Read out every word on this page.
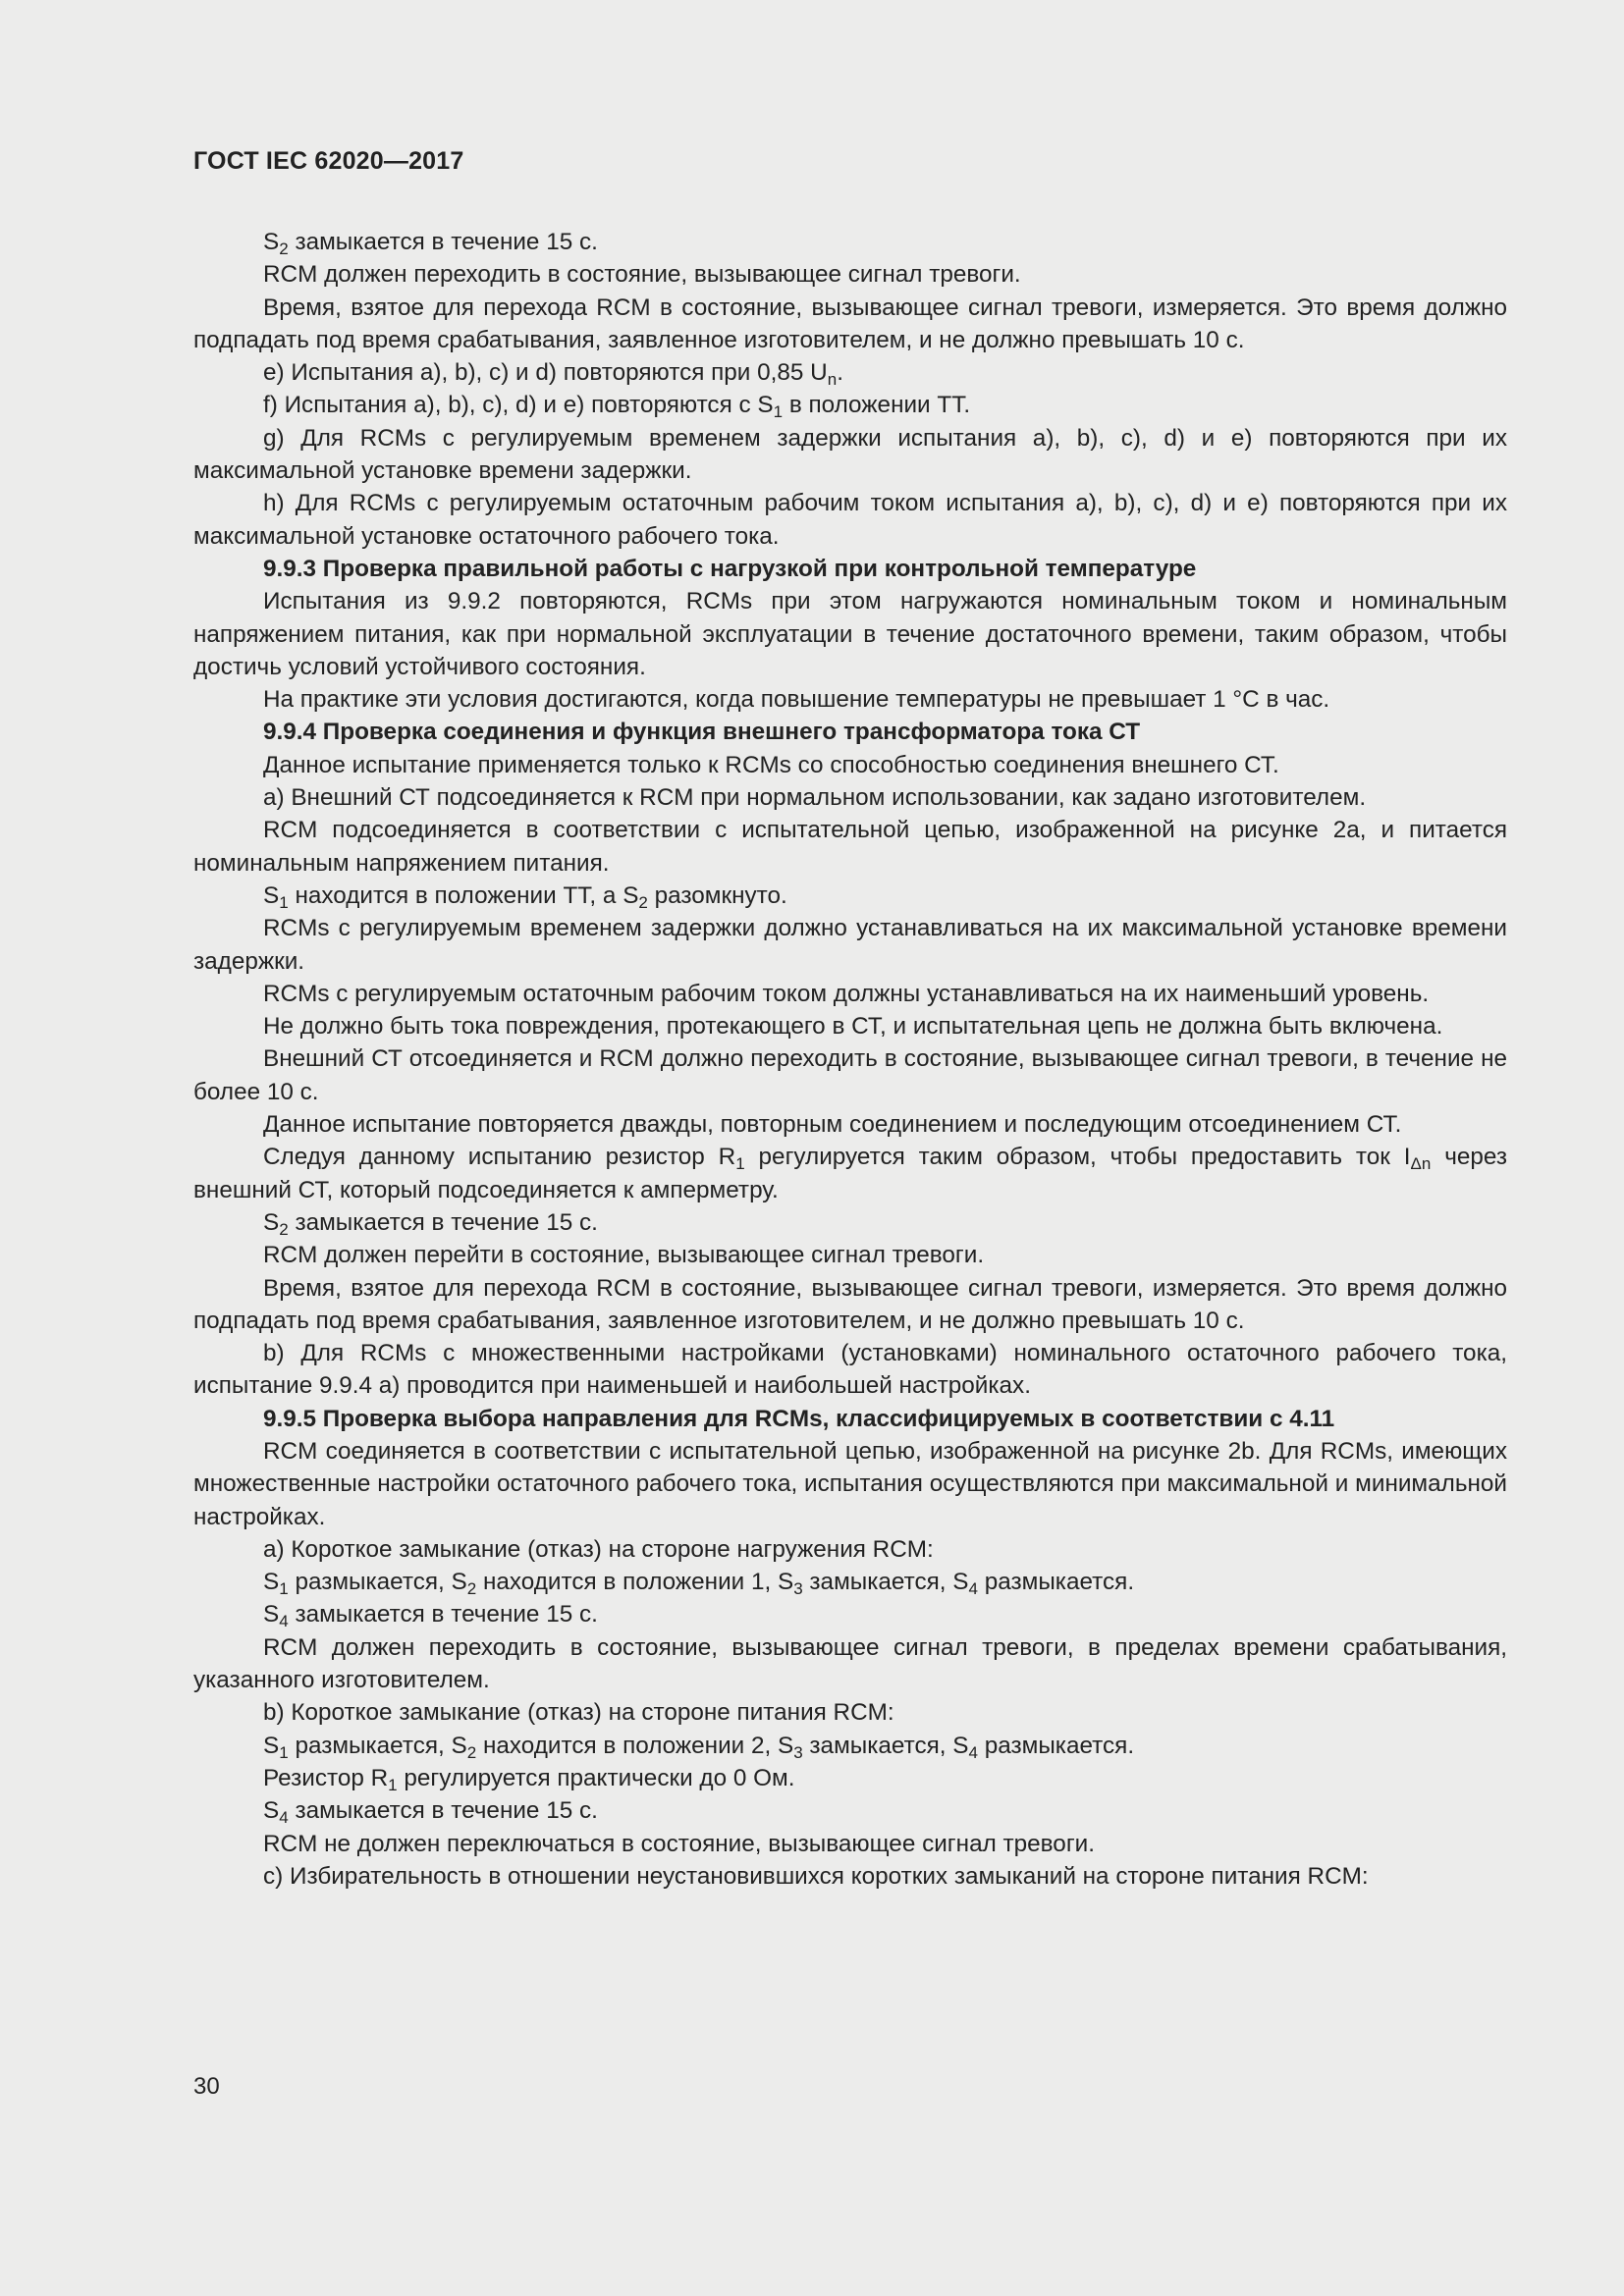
ГОСТ IEC 62020—2017

$S_2$ замыкается в течение 15 с.

RCM должен переходить в состояние, вызывающее сигнал тревоги.

Время, взятое для перехода RCM в состояние, вызывающее сигнал тревоги, измеряется. Это время должно подпадать под время срабатывания, заявленное изготовителем, и не должно превышать 10 с.

е) Испытания а), b), с) и d) повторяются при 0,85 $U_n$.

f) Испытания а), b), с), d) и е) повторяются с $S_1$ в положении ТТ.

g) Для RCMs с регулируемым временем задержки испытания а), b), с), d) и е) повторяются при их максимальной установке времени задержки.

h) Для RCMs с регулируемым остаточным рабочим током испытания а), b), с), d) и е) повторяются при их максимальной установке остаточного рабочего тока.

9.9.3 Проверка правильной работы с нагрузкой при контрольной температуре

Испытания из 9.9.2 повторяются, RCMs при этом нагружаются номинальным током и номинальным напряжением питания, как при нормальной эксплуатации в течение достаточного времени, таким образом, чтобы достичь условий устойчивого состояния.

На практике эти условия достигаются, когда повышение температуры не превышает 1 °С в час.

9.9.4 Проверка соединения и функция внешнего трансформатора тока СТ

Данное испытание применяется только к RCMs со способностью соединения внешнего СТ.

а) Внешний СТ подсоединяется к RCM при нормальном использовании, как задано изготовителем.

RCM подсоединяется в соответствии с испытательной цепью, изображенной на рисунке 2а, и питается номинальным напряжением питания.

$S_1$ находится в положении ТТ, а $S_2$ разомкнуто.

RCMs с регулируемым временем задержки должно устанавливаться на их максимальной установке времени задержки.

RCMs с регулируемым остаточным рабочим током должны устанавливаться на их наименьший уровень.

Не должно быть тока повреждения, протекающего в СТ, и испытательная цепь не должна быть включена.

Внешний СТ отсоединяется и RCM должно переходить в состояние, вызывающее сигнал тревоги, в течение не более 10 с.

Данное испытание повторяется дважды, повторным соединением и последующим отсоединением СТ.

Следуя данному испытанию резистор $R_1$ регулируется таким образом, чтобы предоставить ток $I_{\Delta n}$ через внешний СТ, который подсоединяется к амперметру.

$S_2$ замыкается в течение 15 с.

RCM должен перейти в состояние, вызывающее сигнал тревоги.

Время, взятое для перехода RCM в состояние, вызывающее сигнал тревоги, измеряется. Это время должно подпадать под время срабатывания, заявленное изготовителем, и не должно превышать 10 с.

b) Для RCMs с множественными настройками (установками) номинального остаточного рабочего тока, испытание 9.9.4 а) проводится при наименьшей и наибольшей настройках.

9.9.5 Проверка выбора направления для RCMs, классифицируемых в соответствии с 4.11

RCM соединяется в соответствии с испытательной цепью, изображенной на рисунке 2b. Для RCMs, имеющих множественные настройки остаточного рабочего тока, испытания осуществляются при максимальной и минимальной настройках.

а) Короткое замыкание (отказ) на стороне нагружения RCM:

$S_1$ размыкается, $S_2$ находится в положении 1, $S_3$ замыкается, $S_4$ размыкается.

$S_4$ замыкается в течение 15 с.

RCM должен переходить в состояние, вызывающее сигнал тревоги, в пределах времени срабатывания, указанного изготовителем.

b) Короткое замыкание (отказ) на стороне питания RCM:

$S_1$ размыкается, $S_2$ находится в положении 2, $S_3$ замыкается, $S_4$ размыкается.

Резистор $R_1$ регулируется практически до 0 Ом.

$S_4$ замыкается в течение 15 с.

RCM не должен переключаться в состояние, вызывающее сигнал тревоги.

с) Избирательность в отношении неустановившихся коротких замыканий на стороне питания RCM:

30
